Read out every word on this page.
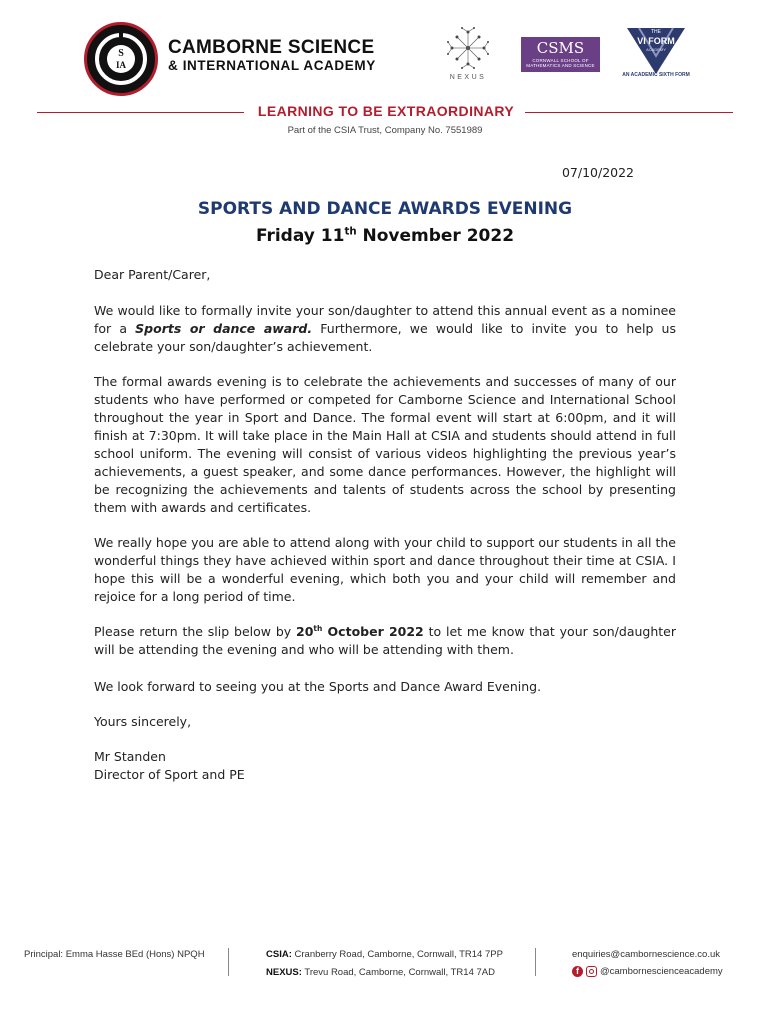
S
IA
CAMBORNE SCIENCE
& INTERNATIONAL ACADEMY
NEXUS
CSMS
CORNWALL SCHOOL OF MATHEMATICS AND SCIENCE
THE
VI FORM
ACADEMY
AN ACADEMIC SIXTH FORM
LEARNING TO BE EXTRAORDINARY
Part of the CSIA Trust, Company No. 7551989
07/10/2022
SPORTS AND DANCE AWARDS EVENING
Friday 11th November 2022

Dear Parent/Carer,

We would like to formally invite your son/daughter to attend this annual event as a nominee for a Sports or dance award. Furthermore, we would like to invite you to help us celebrate your son/daughter’s achievement.

The formal awards evening is to celebrate the achievements and successes of many of our students who have performed or competed for Camborne Science and International School throughout the year in Sport and Dance. The formal event will start at 6:00pm, and it will finish at 7:30pm. It will take place in the Main Hall at CSIA and students should attend in full school uniform. The evening will consist of various videos highlighting the previous year’s achievements, a guest speaker, and some dance performances. However, the highlight will be recognizing the achievements and talents of students across the school by presenting them with awards and certificates.

We really hope you are able to attend along with your child to support our students in all the wonderful things they have achieved within sport and dance throughout their time at CSIA. I hope this will be a wonderful evening, which both you and your child will remember and rejoice for a long period of time.

Please return the slip below by 20th October 2022 to let me know that your son/daughter will be attending the evening and who will be attending with them.

We look forward to seeing you at the Sports and Dance Award Evening.

Yours sincerely,

Mr Standen

Director of Sport and PE

Principal: Emma Hasse BEd (Hons) NPQH	CSIA: Cranberry Road, Camborne, Cornwall, TR14 7PP
NEXUS: Trevu Road, Camborne, Cornwall, TR14 7AD
enquiries@cambornescience.co.uk
f	@cambornescienceacademy
